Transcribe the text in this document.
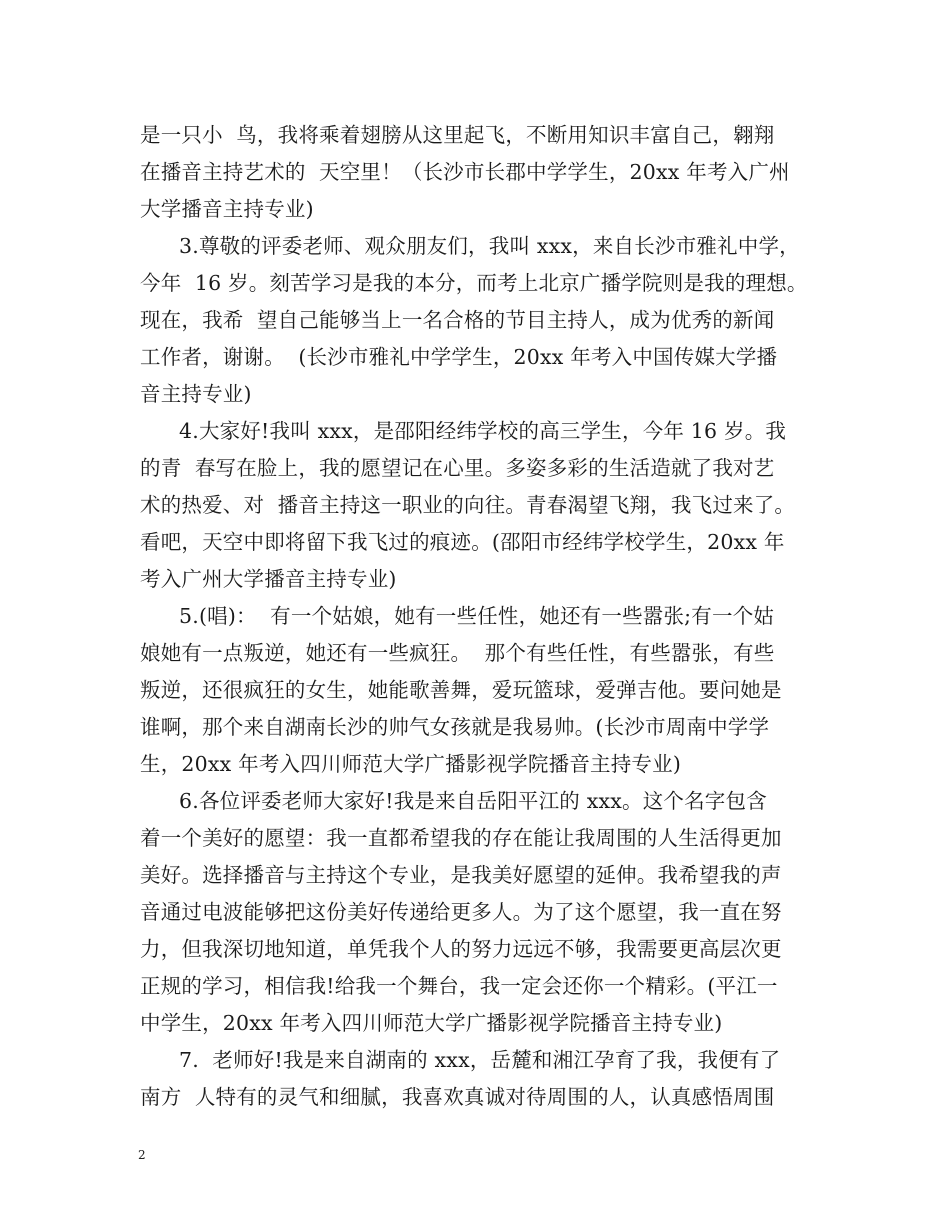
是一只小  鸟，我将乘着翅膀从这里起飞，不断用知识丰富自己，翱翔
在播音主持艺术的  天空里！（长沙市长郡中学学生，20xx 年考入广州
大学播音主持专业)
3.尊敬的评委老师、观众朋友们，我叫 xxx，来自长沙市雅礼中学，
今年  16 岁。刻苦学习是我的本分，而考上北京广播学院则是我的理想。
现在，我希  望自己能够当上一名合格的节目主持人，成为优秀的新闻
工作者，谢谢。  (长沙市雅礼中学学生，20xx 年考入中国传媒大学播
音主持专业)
4.大家好!我叫 xxx，是邵阳经纬学校的高三学生，今年 16 岁。我
的青  春写在脸上，我的愿望记在心里。多姿多彩的生活造就了我对艺
术的热爱、对  播音主持这一职业的向往。青春渴望飞翔，我飞过来了。
看吧，天空中即将留下我飞过的痕迹。(邵阳市经纬学校学生，20xx 年
考入广州大学播音主持专业)
5.(唱)：  有一个姑娘，她有一些任性，她还有一些嚣张;有一个姑
娘她有一点叛逆，她还有一些疯狂。  那个有些任性，有些嚣张，有些
叛逆，还很疯狂的女生，她能歌善舞，爱玩篮球，爱弹吉他。要问她是
谁啊，那个来自湖南长沙的帅气女孩就是我易帅。(长沙市周南中学学
生，20xx 年考入四川师范大学广播影视学院播音主持专业)
6.各位评委老师大家好!我是来自岳阳平江的 xxx。这个名字包含
着一个美好的愿望：我一直都希望我的存在能让我周围的人生活得更加
美好。选择播音与主持这个专业，是我美好愿望的延伸。我希望我的声
音通过电波能够把这份美好传递给更多人。为了这个愿望，我一直在努
力，但我深切地知道，单凭我个人的努力远远不够，我需要更高层次更
正规的学习，相信我!给我一个舞台，我一定会还你一个精彩。(平江一
中学生，20xx 年考入四川师范大学广播影视学院播音主持专业)
7.  老师好!我是来自湖南的 xxx，岳麓和湘江孕育了我，我便有了
南方  人特有的灵气和细腻，我喜欢真诚对待周围的人，认真感悟周围
2
